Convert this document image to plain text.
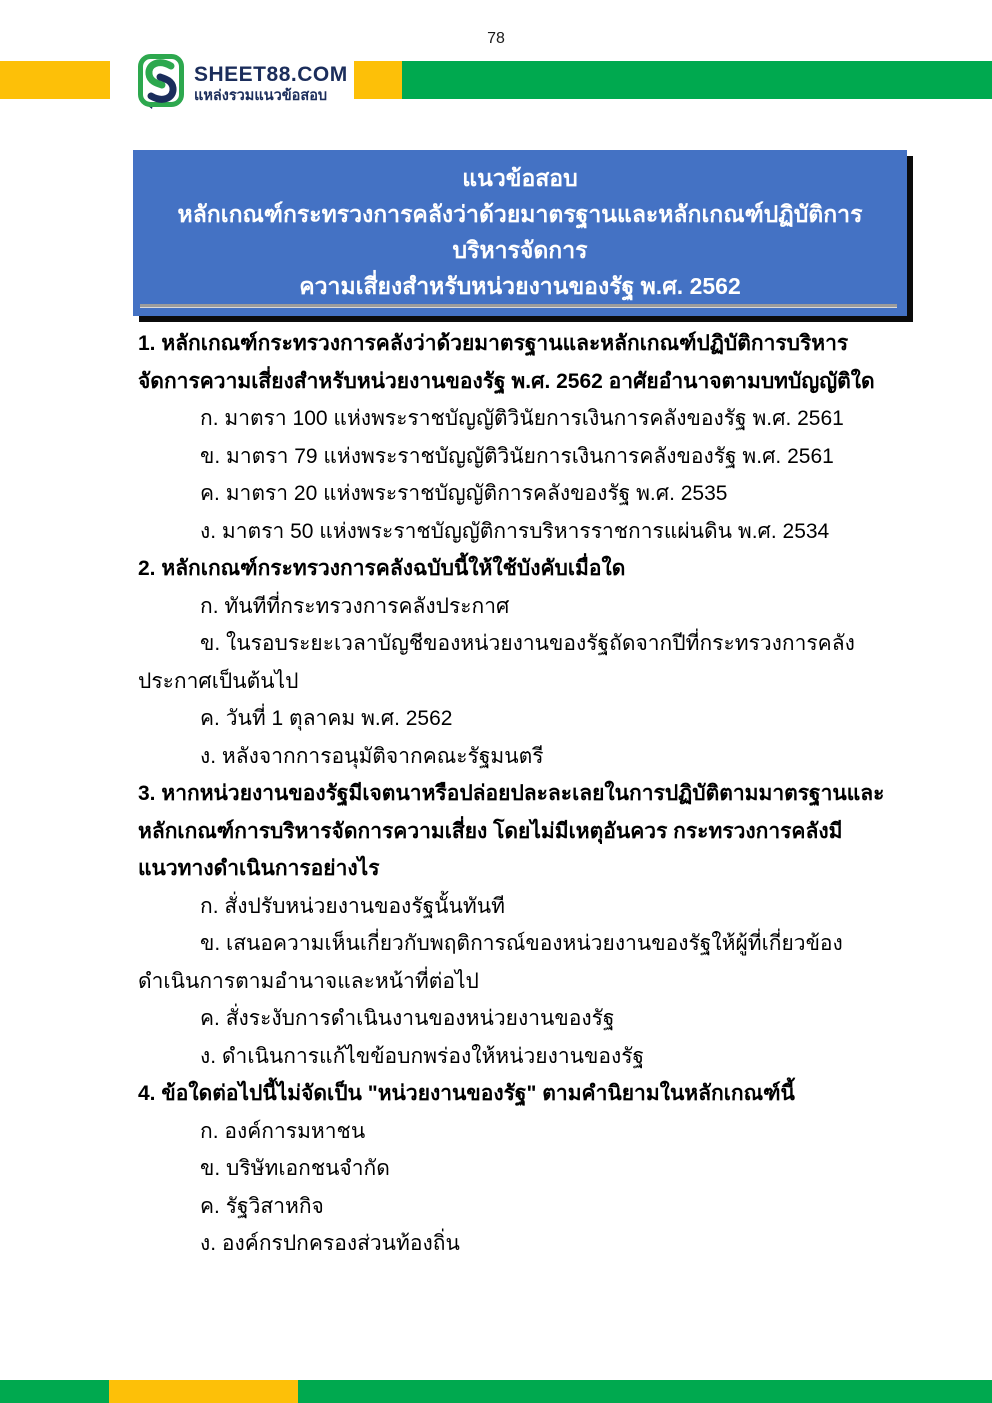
78
SHEET88.COM
แหล่งรวมแนวข้อสอบ
แนวข้อสอบ
หลักเกณฑ์กระทรวงการคลังว่าด้วยมาตรฐานและหลักเกณฑ์ปฏิบัติการบริหารจัดการ
ความเสี่ยงสำหรับหน่วยงานของรัฐ พ.ศ. 2562
1. หลักเกณฑ์กระทรวงการคลังว่าด้วยมาตรฐานและหลักเกณฑ์ปฏิบัติการบริหารจัดการความเสี่ยงสำหรับหน่วยงานของรัฐ พ.ศ. 2562 อาศัยอำนาจตามบทบัญญัติใด
ก. มาตรา 100 แห่งพระราชบัญญัติวินัยการเงินการคลังของรัฐ พ.ศ. 2561
ข. มาตรา 79 แห่งพระราชบัญญัติวินัยการเงินการคลังของรัฐ พ.ศ. 2561
ค. มาตรา 20 แห่งพระราชบัญญัติการคลังของรัฐ พ.ศ. 2535
ง. มาตรา 50 แห่งพระราชบัญญัติการบริหารราชการแผ่นดิน พ.ศ. 2534
2. หลักเกณฑ์กระทรวงการคลังฉบับนี้ให้ใช้บังคับเมื่อใด
ก. ทันทีที่กระทรวงการคลังประกาศ
ข. ในรอบระยะเวลาบัญชีของหน่วยงานของรัฐถัดจากปีที่กระทรวงการคลังประกาศเป็นต้นไป
ค. วันที่ 1 ตุลาคม พ.ศ. 2562
ง. หลังจากการอนุมัติจากคณะรัฐมนตรี
3. หากหน่วยงานของรัฐมีเจตนาหรือปล่อยปละละเลยในการปฏิบัติตามมาตรฐานและหลักเกณฑ์การบริหารจัดการความเสี่ยง โดยไม่มีเหตุอันควร กระทรวงการคลังมีแนวทางดำเนินการอย่างไร
ก. สั่งปรับหน่วยงานของรัฐนั้นทันที
ข. เสนอความเห็นเกี่ยวกับพฤติการณ์ของหน่วยงานของรัฐให้ผู้ที่เกี่ยวข้องดำเนินการตามอำนาจและหน้าที่ต่อไป
ค. สั่งระงับการดำเนินงานของหน่วยงานของรัฐ
ง. ดำเนินการแก้ไขข้อบกพร่องให้หน่วยงานของรัฐ
4. ข้อใดต่อไปนี้ไม่จัดเป็น "หน่วยงานของรัฐ" ตามคำนิยามในหลักเกณฑ์นี้
ก. องค์การมหาชน
ข. บริษัทเอกชนจำกัด
ค. รัฐวิสาหกิจ
ง. องค์กรปกครองส่วนท้องถิ่น
